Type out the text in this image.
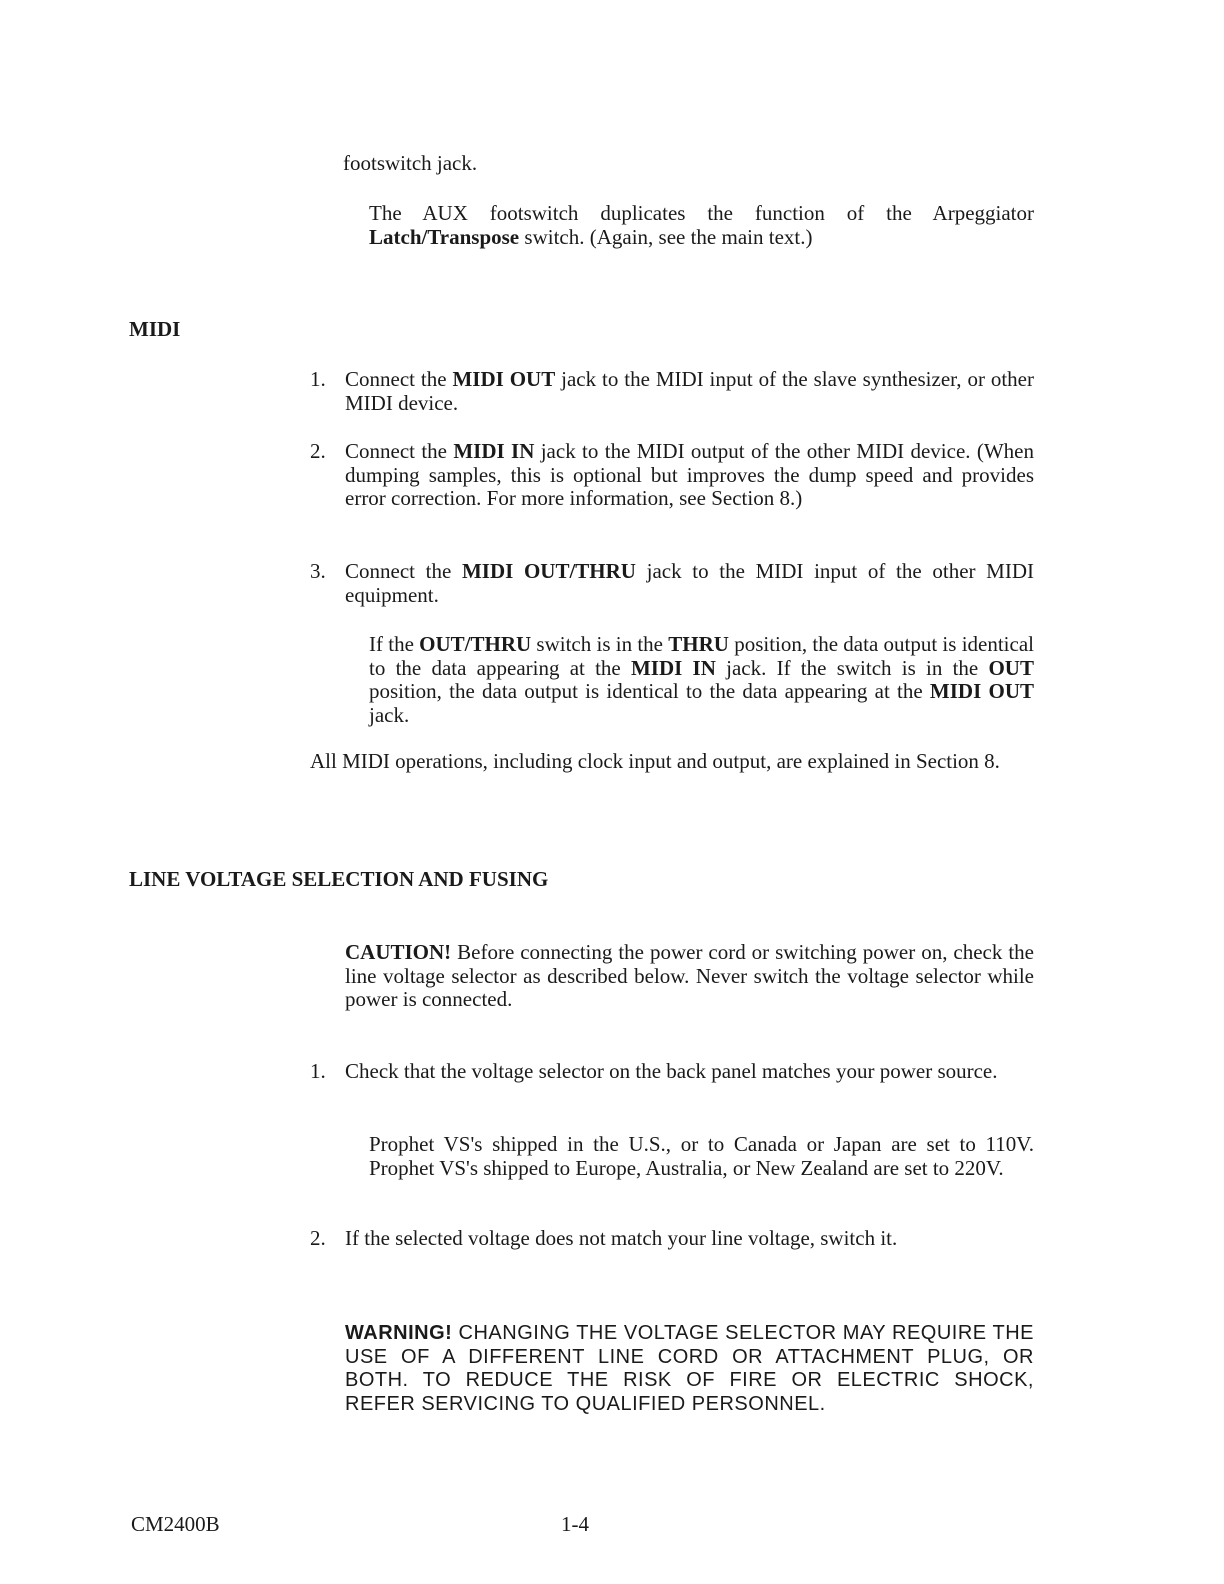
footswitch jack.

The AUX footswitch duplicates the function of the Arpeggiator Latch/Transpose switch. (Again, see the main text.)

MIDI
1. Connect the MIDI OUT jack to the MIDI input of the slave synthesizer, or other MIDI device.

2. Connect the MIDI IN jack to the MIDI output of the other MIDI device. (When dumping samples, this is optional but improves the dump speed and provides error correction. For more information, see Section 8.)

3. Connect the MIDI OUT/THRU jack to the MIDI input of the other MIDI equipment.

If the OUT/THRU switch is in the THRU position, the data output is identical to the data appearing at the MIDI IN jack. If the switch is in the OUT position, the data output is identical to the data appearing at the MIDI OUT jack.

All MIDI operations, including clock input and output, are explained in Section 8.

LINE VOLTAGE SELECTION AND FUSING

CAUTION! Before connecting the power cord or switching power on, check the line voltage selector as described below. Never switch the voltage selector while power is connected.

1. Check that the voltage selector on the back panel matches your power source.

Prophet VS's shipped in the U.S., or to Canada or Japan are set to 110V. Prophet VS's shipped to Europe, Australia, or New Zealand are set to 220V.

2. If the selected voltage does not match your line voltage, switch it.

WARNING! CHANGING THE VOLTAGE SELECTOR MAY REQUIRE THE USE OF A DIFFERENT LINE CORD OR ATTACHMENT PLUG, OR BOTH. TO REDUCE THE RISK OF FIRE OR ELECTRIC SHOCK, REFER SERVICING TO QUALIFIED PERSONNEL.

CM2400B	1-4
